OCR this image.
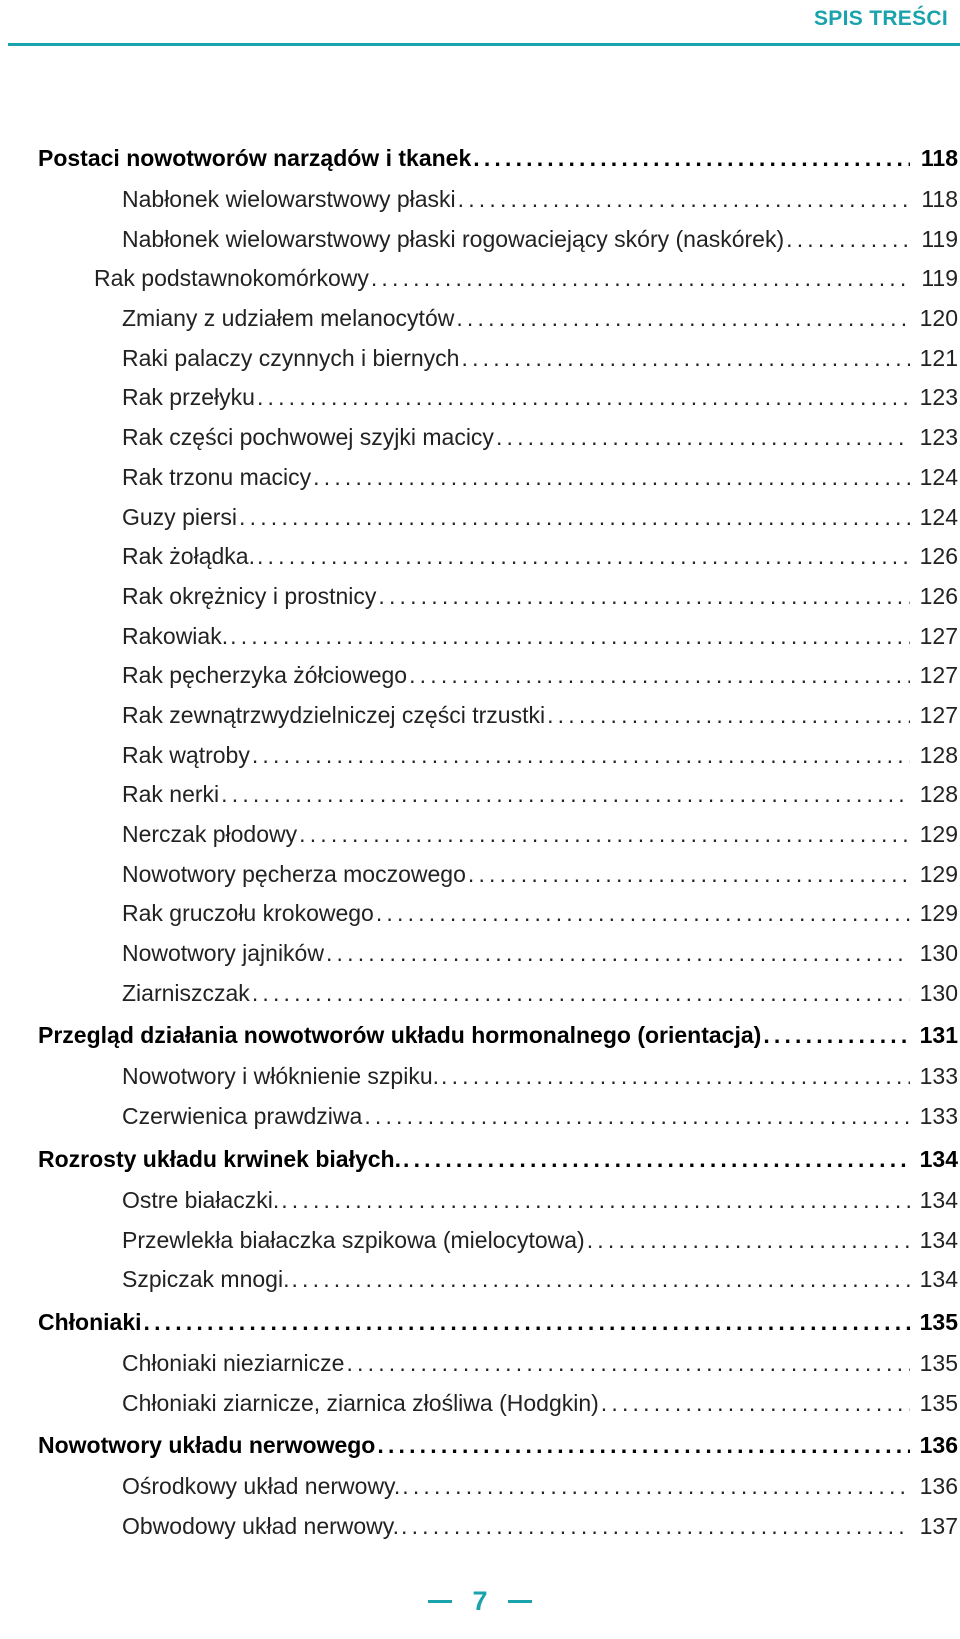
SPIS TREŚCI
Postaci nowotworów narządów i tkanek . . .	118
Nabłonek wielowarstwowy płaski . . .	118
Nabłonek wielowarstwowy płaski rogowaciejący skóry (naskórek) . . .	119
Rak podstawnokomórkowy . . .	119
Zmiany z udziałem melanocytów . . .	120
Raki palaczy czynnych i biernych . . .	121
Rak przełyku . . .	123
Rak części pochwowej szyjki macicy . . .	123
Rak trzonu macicy . . .	124
Guzy piersi . . .	124
Rak żołądka. . . .	126
Rak okrężnicy i prostnicy . . .	126
Rakowiak. . . .	127
Rak pęcherzyka żółciowego . . .	127
Rak zewnątrzwydzielniczej części trzustki . . .	127
Rak wątroby . . .	128
Rak nerki . . .	128
Nerczak płodowy . . .	129
Nowotwory pęcherza moczowego . . .	129
Rak gruczołu krokowego . . .	129
Nowotwory jajników . . .	130
Ziarniszczak . . .	130
Przegląd działania nowotworów układu hormonalnego (orientacja) . . .	131
Nowotwory i włóknienie szpiku. . . .	133
Czerwienica prawdziwa . . .	133
Rozrosty układu krwinek białych. . . .	134
Ostre białaczki. . . .	134
Przewlekła białaczka szpikowa (mielocytowa) . . .	134
Szpiczak mnogi. . . .	134
Chłoniaki . . .	135
Chłoniaki nieziarnicze . . .	135
Chłoniaki ziarnicze, ziarnica złośliwa (Hodgkin) . . .	135
Nowotwory układu nerwowego . . .	136
Ośrodkowy układ nerwowy. . . .	136
Obwodowy układ nerwowy. . . .	137
7
